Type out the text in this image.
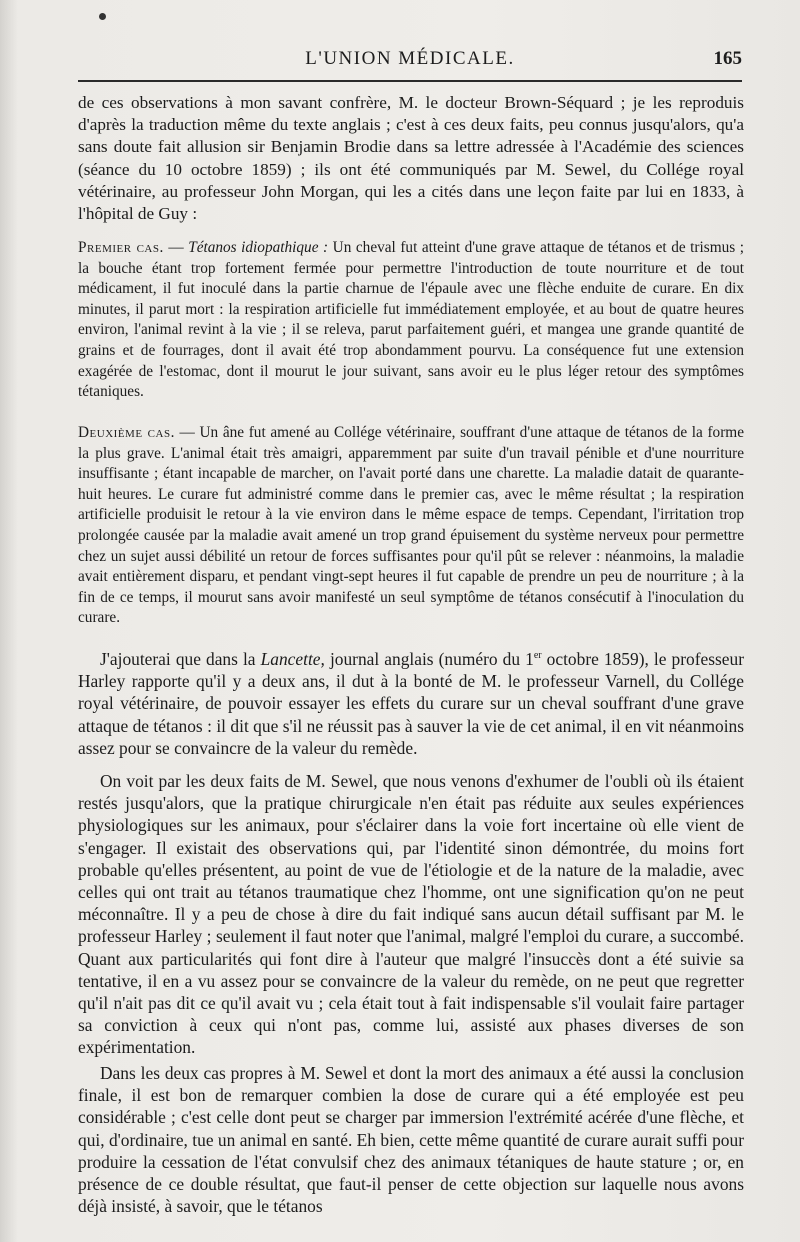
L'UNION MÉDICALE.	165

de ces observations à mon savant confrère, M. le docteur Brown-Séquard ; je les reproduis d'après la traduction même du texte anglais ; c'est à ces deux faits, peu connus jusqu'alors, qu'a sans doute fait allusion sir Benjamin Brodie dans sa lettre adressée à l'Académie des sciences (séance du 10 octobre 1859) ; ils ont été communiqués par M. Sewel, du Collége royal vétérinaire, au professeur John Morgan, qui les a cités dans une leçon faite par lui en 1833, à l'hôpital de Guy :

Premier cas. — Tétanos idiopathique : Un cheval fut atteint d'une grave attaque de tétanos et de trismus ; la bouche étant trop fortement fermée pour permettre l'introduction de toute nourriture et de tout médicament, il fut inoculé dans la partie charnue de l'épaule avec une flèche enduite de curare. En dix minutes, il parut mort : la respiration artificielle fut immédiatement employée, et au bout de quatre heures environ, l'animal revint à la vie ; il se releva, parut parfaitement guéri, et mangea une grande quantité de grains et de fourrages, dont il avait été trop abondamment pourvu. La conséquence fut une extension exagérée de l'estomac, dont il mourut le jour suivant, sans avoir eu le plus léger retour des symptômes tétaniques.

Deuxième cas. — Un âne fut amené au Collége vétérinaire, souffrant d'une attaque de tétanos de la forme la plus grave. L'animal était très amaigri, apparemment par suite d'un travail pénible et d'une nourriture insuffisante ; étant incapable de marcher, on l'avait porté dans une charette. La maladie datait de quarante-huit heures. Le curare fut administré comme dans le premier cas, avec le même résultat ; la respiration artificielle produisit le retour à la vie environ dans le même espace de temps. Cependant, l'irritation trop prolongée causée par la maladie avait amené un trop grand épuisement du système nerveux pour permettre chez un sujet aussi débilité un retour de forces suffisantes pour qu'il pût se relever : néanmoins, la maladie avait entièrement disparu, et pendant vingt-sept heures il fut capable de prendre un peu de nourriture ; à la fin de ce temps, il mourut sans avoir manifesté un seul symptôme de tétanos consécutif à l'inoculation du curare.

J'ajouterai que dans la Lancette, journal anglais (numéro du 1er octobre 1859), le professeur Harley rapporte qu'il y a deux ans, il dut à la bonté de M. le professeur Varnell, du Collége royal vétérinaire, de pouvoir essayer les effets du curare sur un cheval souffrant d'une grave attaque de tétanos : il dit que s'il ne réussit pas à sauver la vie de cet animal, il en vit néanmoins assez pour se convaincre de la valeur du remède.

On voit par les deux faits de M. Sewel, que nous venons d'exhumer de l'oubli où ils étaient restés jusqu'alors, que la pratique chirurgicale n'en était pas réduite aux seules expériences physiologiques sur les animaux, pour s'éclairer dans la voie fort incertaine où elle vient de s'engager. Il existait des observations qui, par l'identité sinon démontrée, du moins fort probable qu'elles présentent, au point de vue de l'étiologie et de la nature de la maladie, avec celles qui ont trait au tétanos traumatique chez l'homme, ont une signification qu'on ne peut méconnaître. Il y a peu de chose à dire du fait indiqué sans aucun détail suffisant par M. le professeur Harley ; seulement il faut noter que l'animal, malgré l'emploi du curare, a succombé. Quant aux particularités qui font dire à l'auteur que malgré l'insuccès dont a été suivie sa tentative, il en a vu assez pour se convaincre de la valeur du remède, on ne peut que regretter qu'il n'ait pas dit ce qu'il avait vu ; cela était tout à fait indispensable s'il voulait faire partager sa conviction à ceux qui n'ont pas, comme lui, assisté aux phases diverses de son expérimentation.

Dans les deux cas propres à M. Sewel et dont la mort des animaux a été aussi la conclusion finale, il est bon de remarquer combien la dose de curare qui a été employée est peu considérable ; c'est celle dont peut se charger par immersion l'extrémité acérée d'une flèche, et qui, d'ordinaire, tue un animal en santé. Eh bien, cette même quantité de curare aurait suffi pour produire la cessation de l'état convulsif chez des animaux tétaniques de haute stature ; or, en présence de ce double résultat, que faut-il penser de cette objection sur laquelle nous avons déjà insisté, à savoir, que le tétanos
